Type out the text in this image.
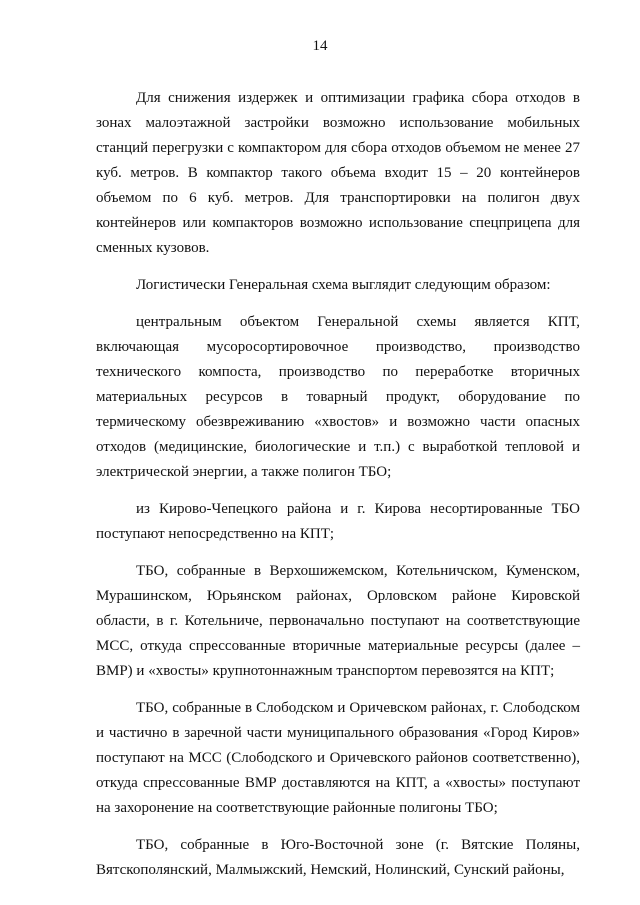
14

Для снижения издержек и оптимизации графика сбора отходов в зонах малоэтажной застройки возможно использование мобильных станций перегрузки с компактором для сбора отходов объемом не менее 27 куб. метров. В компактор такого объема входит 15 – 20 контейнеров объемом по 6 куб. метров. Для транспортировки на полигон двух контейнеров или компакторов возможно использование спецприцепа для сменных кузовов.

Логистически Генеральная схема выглядит следующим образом:

центральным объектом Генеральной схемы является КПТ, включающая мусоросортировочное производство, производство технического компоста, производство по переработке вторичных материальных ресурсов в товарный продукт, оборудование по термическому обезвреживанию «хвостов» и возможно части опасных отходов (медицинские, биологические и т.п.) с выработкой тепловой и электрической энергии, а также полигон ТБО;

из Кирово-Чепецкого района и г. Кирова несортированные ТБО поступают непосредственно на КПТ;

ТБО, собранные в Верхошижемском, Котельничском, Куменском, Мурашинском, Юрьянском районах, Орловском районе Кировской области, в г. Котельниче, первоначально поступают на соответствующие МСС, откуда спрессованные вторичные материальные ресурсы (далее – ВМР) и «хвосты» крупнотоннажным транспортом перевозятся на КПТ;

ТБО, собранные в Слободском и Оричевском районах, г. Слободском и частично в заречной части муниципального образования «Город Киров» поступают на МСС (Слободского и Оричевского районов соответственно), откуда спрессованные ВМР доставляются на КПТ, а «хвосты» поступают на захоронение на соответствующие районные полигоны ТБО;

ТБО, собранные в Юго-Восточной зоне (г. Вятские Поляны, Вятскополянский, Малмыжский, Немский, Нолинский, Сунский районы,
